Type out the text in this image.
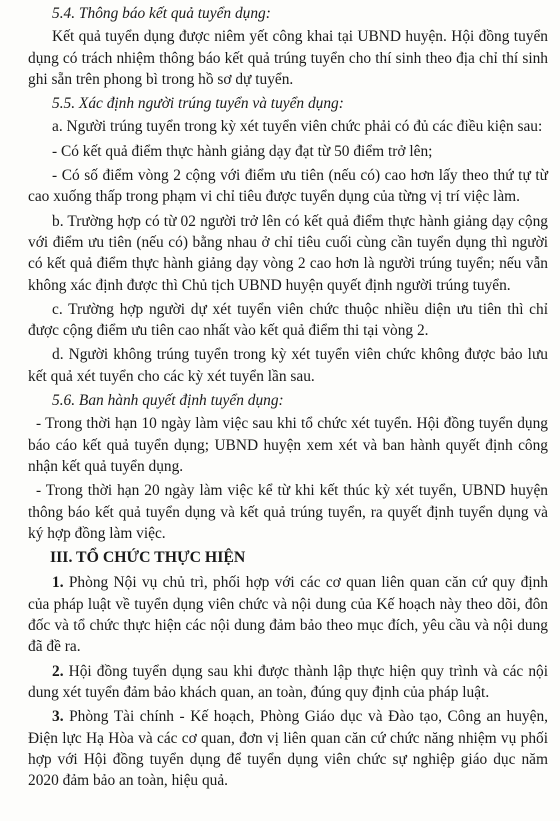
5.4. Thông báo kết quả tuyển dụng:

Kết quả tuyển dụng được niêm yết công khai tại UBND huyện. Hội đồng tuyển dụng có trách nhiệm thông báo kết quả trúng tuyển cho thí sinh theo địa chỉ thí sinh ghi sẵn trên phong bì trong hồ sơ dự tuyển.

5.5. Xác định người trúng tuyển và tuyển dụng:

a. Người trúng tuyển trong kỳ xét tuyển viên chức phải có đủ các điều kiện sau:

- Có kết quả điểm thực hành giảng dạy đạt từ 50 điểm trở lên;

- Có số điểm vòng 2 cộng với điểm ưu tiên (nếu có) cao hơn lấy theo thứ tự từ cao xuống thấp trong phạm vi chỉ tiêu được tuyển dụng của từng vị trí việc làm.

b. Trường hợp có từ 02 người trở lên có kết quả điểm thực hành giảng dạy cộng với điểm ưu tiên (nếu có) bằng nhau ở chỉ tiêu cuối cùng cần tuyển dụng thì người có kết quả điểm thực hành giảng dạy vòng 2 cao hơn là người trúng tuyển; nếu vẫn không xác định được thì Chủ tịch UBND huyện quyết định người trúng tuyển.

c. Trường hợp người dự xét tuyển viên chức thuộc nhiều diện ưu tiên thì chỉ được cộng điểm ưu tiên cao nhất vào kết quả điểm thi tại vòng 2.

d. Người không trúng tuyển trong kỳ xét tuyển viên chức không được bảo lưu kết quả xét tuyển cho các kỳ xét tuyển lần sau.

5.6. Ban hành quyết định tuyển dụng:

- Trong thời hạn 10 ngày làm việc sau khi tổ chức xét tuyển. Hội đồng tuyển dụng báo cáo kết quả tuyển dụng; UBND huyện xem xét và ban hành quyết định công nhận kết quả tuyển dụng.

- Trong thời hạn 20 ngày làm việc kể từ khi kết thúc kỳ xét tuyển, UBND huyện thông báo kết quả tuyển dụng và kết quả trúng tuyển, ra quyết định tuyển dụng và ký hợp đồng làm việc.

III. TỔ CHỨC THỰC HIỆN

1. Phòng Nội vụ chủ trì, phối hợp với các cơ quan liên quan căn cứ quy định của pháp luật về tuyển dụng viên chức và nội dung của Kế hoạch này theo dõi, đôn đốc và tổ chức thực hiện các nội dung đảm bảo theo mục đích, yêu cầu và nội dung đã đề ra.

2. Hội đồng tuyển dụng sau khi được thành lập thực hiện quy trình và các nội dung xét tuyển đảm bảo khách quan, an toàn, đúng quy định của pháp luật.

3. Phòng Tài chính - Kế hoạch, Phòng Giáo dục và Đào tạo, Công an huyện, Điện lực Hạ Hòa và các cơ quan, đơn vị liên quan căn cứ chức năng nhiệm vụ phối hợp với Hội đồng tuyển dụng để tuyển dụng viên chức sự nghiệp giáo dục năm 2020 đảm bảo an toàn, hiệu quả.
